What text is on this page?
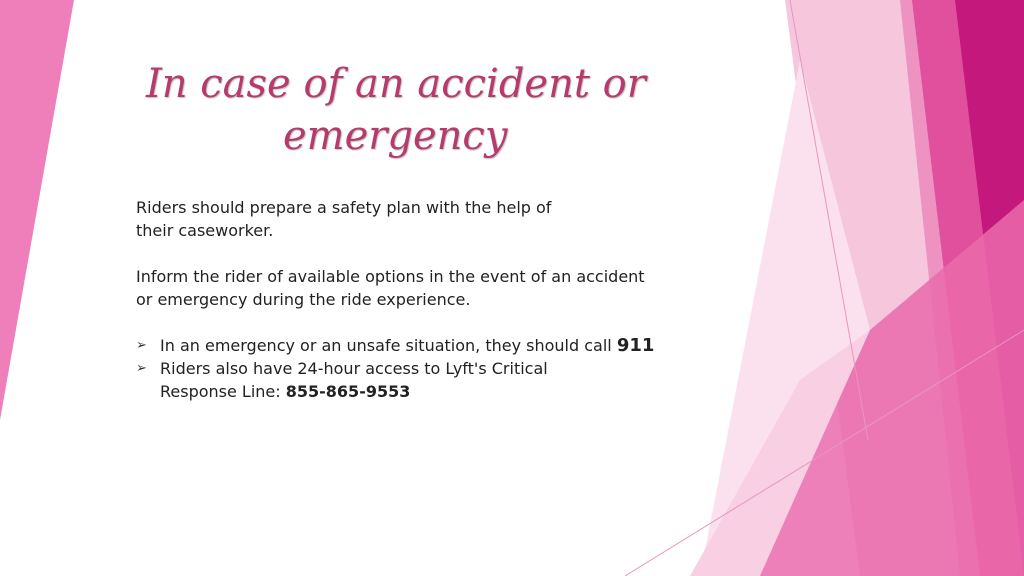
In case of an accident or
emergency

Riders should prepare a safety plan with the help of
their caseworker.

Inform the rider of available options in the event of an accident
or emergency during the ride experience.

➢ In an emergency or an unsafe situation, they should call 911
➢ Riders also have 24-hour access to Lyft's Critical
Response Line: 855-865-9553
